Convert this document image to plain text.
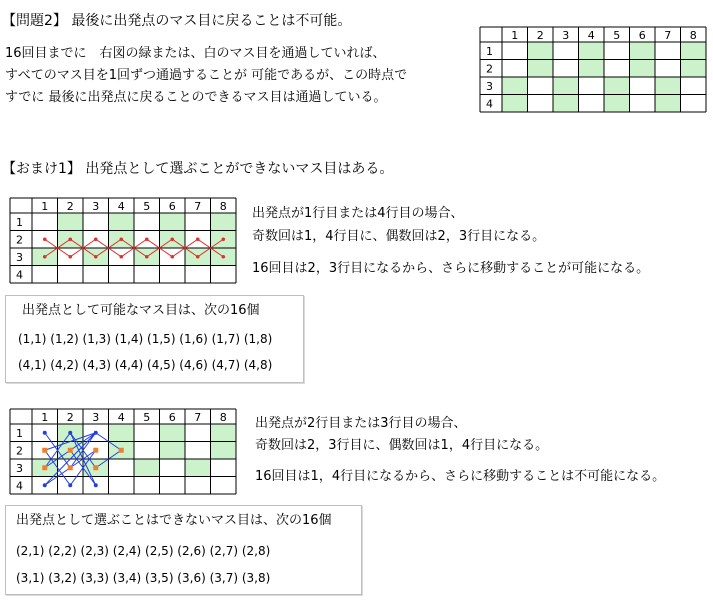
【問題2】 最後に出発点のマス目に戻ることは不可能。
16回目までに　右図の緑または、白のマス目を通過していれば、
すべてのマス目を1回ずつ通過することが 可能であるが、この時点で
すでに 最後に出発点に戻ることのできるマス目は通過している。
1 2 3 4 5 6 7 8
1
2
3
4
【おまけ1】 出発点として選ぶことができないマス目はある。
1 2 3 4 5 6 7 8
1
2
3
4
出発点が1行目または4行目の場合、
奇数回は1，4行目に、偶数回は2，3行目になる。
16回目は2，3行目になるから、さらに移動することが可能になる。
出発点として可能なマス目は、次の16個
(1,1) (1,2) (1,3) (1,4) (1,5) (1,6) (1,7) (1,8)
(4,1) (4,2) (4,3) (4,4) (4,5) (4,6) (4,7) (4,8)
1 2 3 4 5 6 7 8
1
2
3
4
出発点が2行目または3行目の場合、
奇数回は2，3行目に、偶数回は1，4行目になる。
16回目は1，4行目になるから、さらに移動することは不可能になる。
出発点として選ぶことはできないマス目は、次の16個
(2,1) (2,2) (2,3) (2,4) (2,5) (2,6) (2,7) (2,8)
(3,1) (3,2) (3,3) (3,4) (3,5) (3,6) (3,7) (3,8)
